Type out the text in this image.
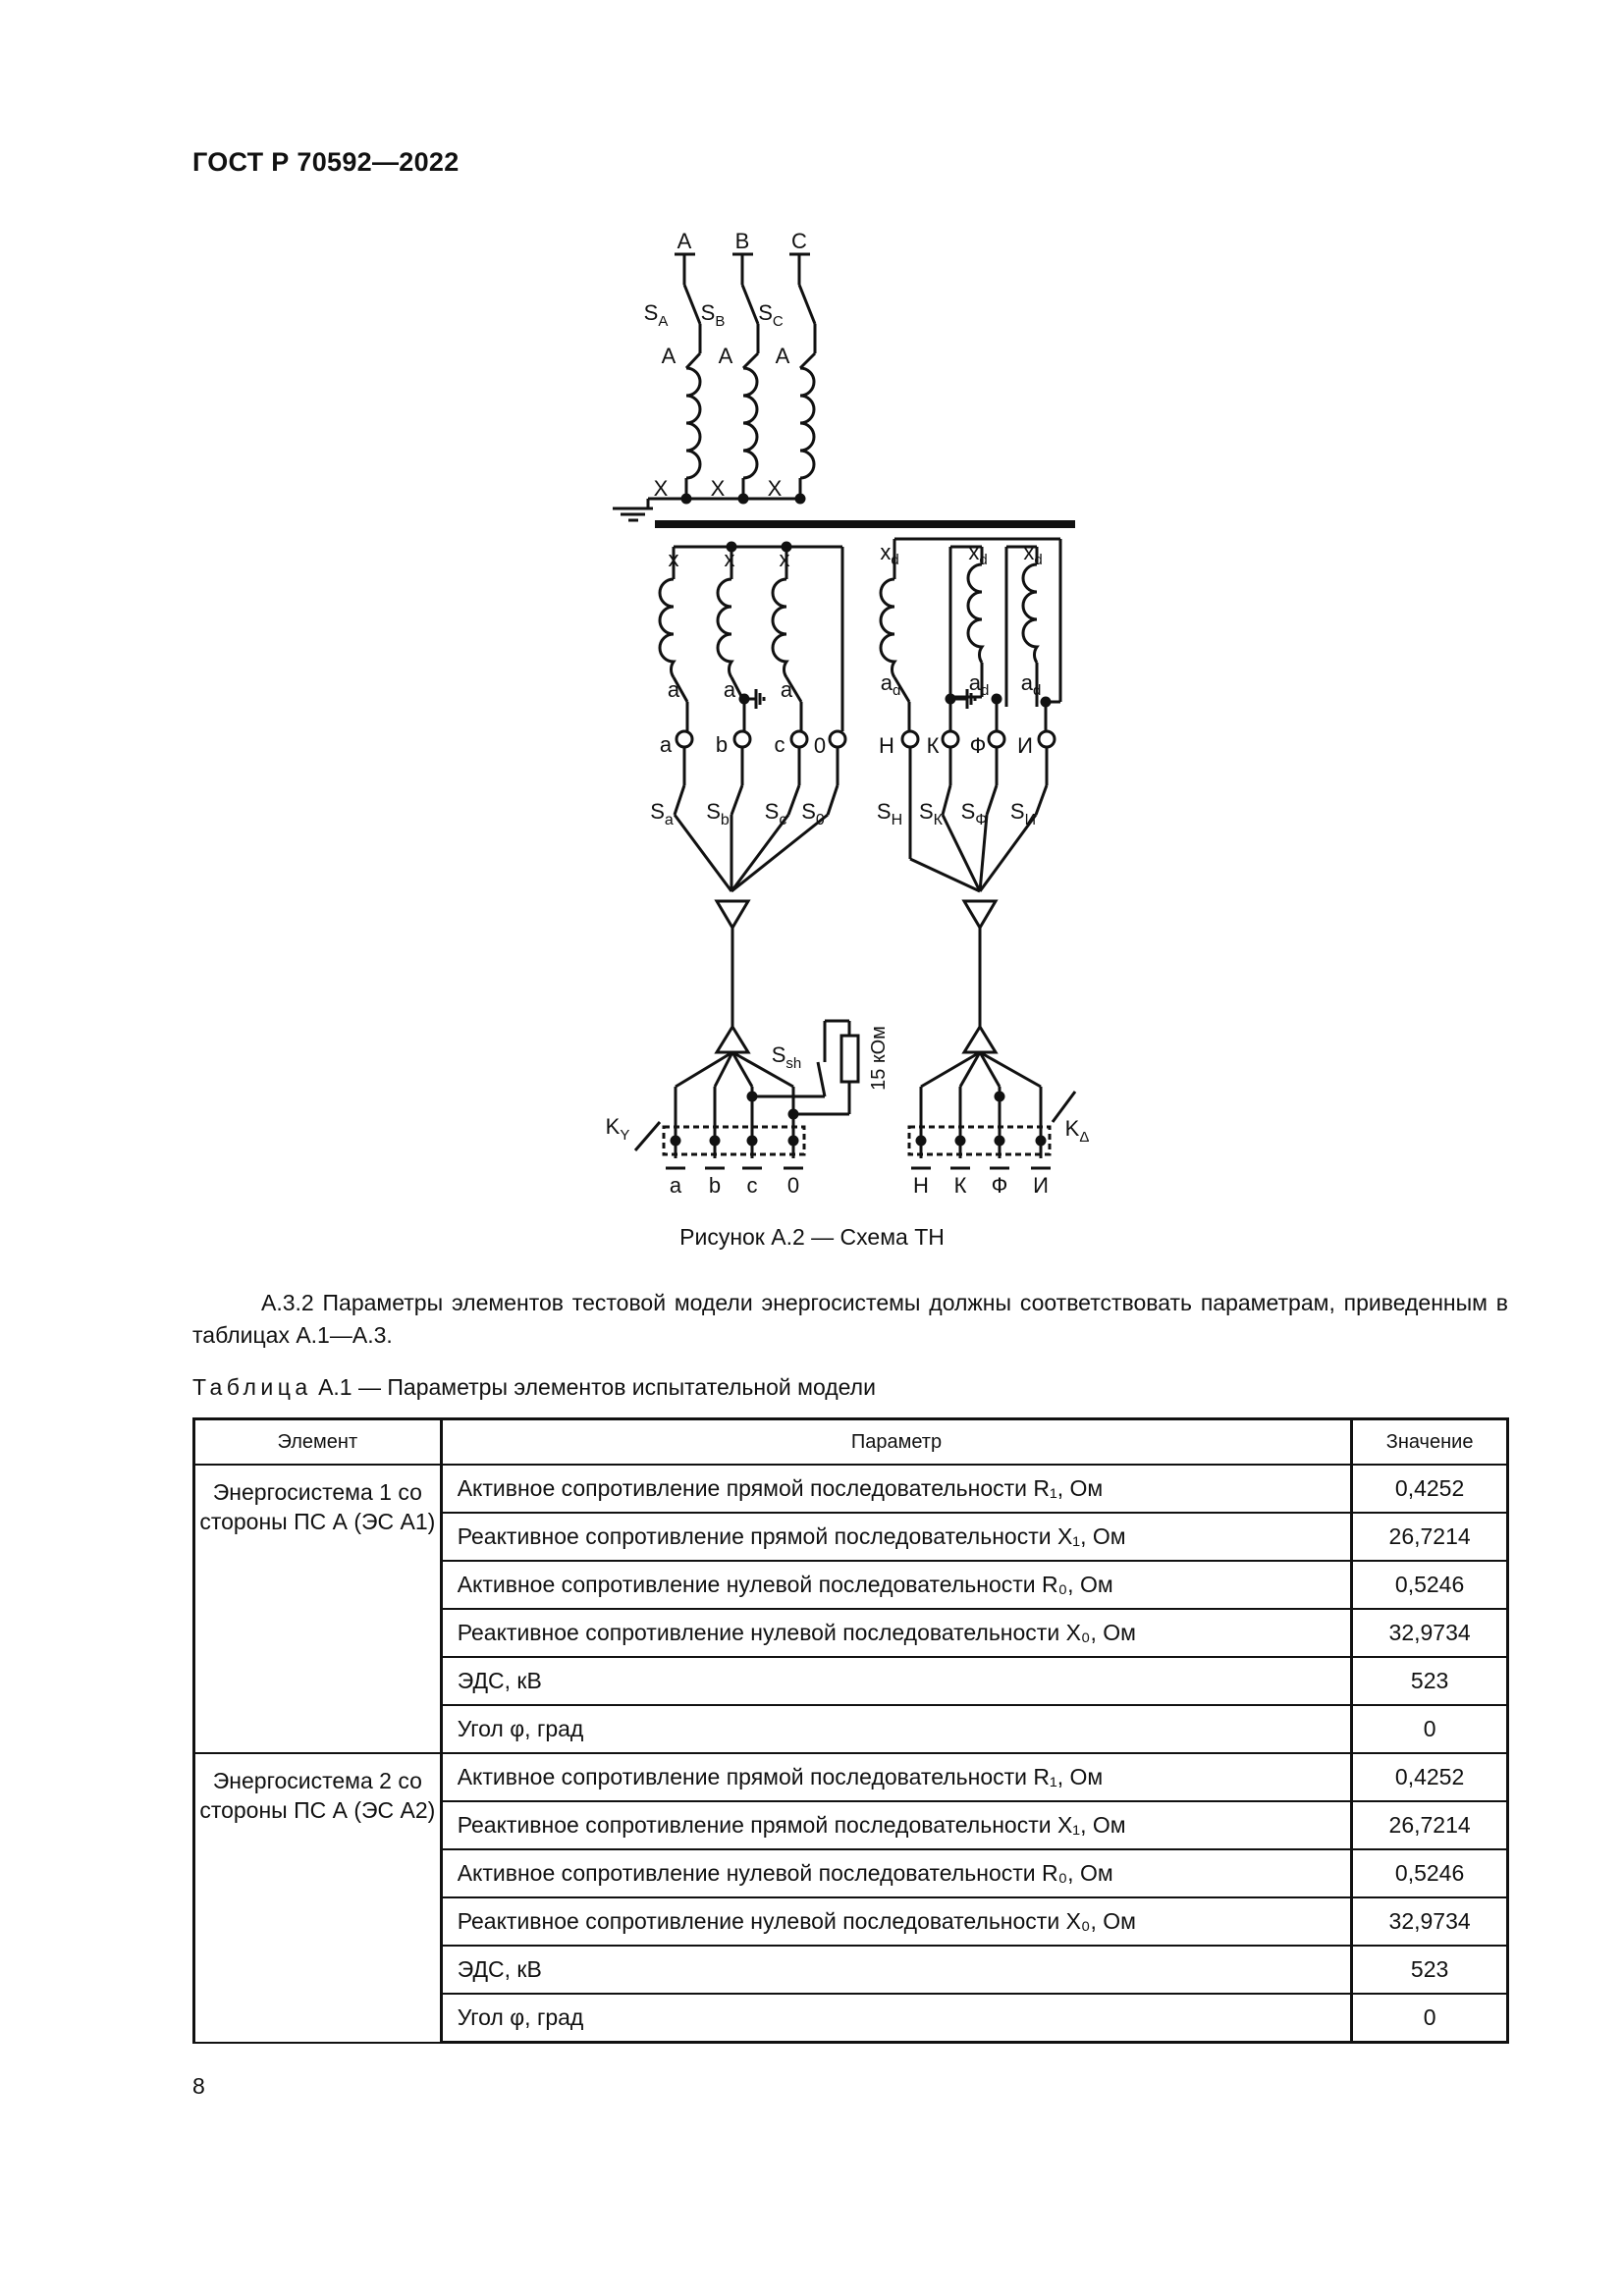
ГОСТ Р 70592—2022
A B C
$S_A$ $S_B$ $S_C$
A A A
X X X
x x x
a a a
$x_d$	$x_d$ $x_d$
$a_d$	$a_d$ $a_d$
a b c 0 Н К Ф И
$S_a$ $S_b$ $S_c$ $S_0$ $S_Н$ $S_К$ $S_Ф$ $S_И$
$S_{sh}$	15 кОм
$K_Y$	$K_\Delta$
a b c 0	Н К Ф И
Рисунок А.2 — Схема ТН
А.3.2 Параметры элементов тестовой модели энергосистемы должны соответствовать параметрам, приведенным в таблицах А.1—А.3.
Таблица А.1 — Параметры элементов испытательной модели
Элемент	Параметр	Значение
Энергосистема 1 со стороны ПС А (ЭС А1)	Активное сопротивление прямой последовательности R₁, Ом	0,4252
	Реактивное сопротивление прямой последовательности X₁, Ом	26,7214
	Активное сопротивление нулевой последовательности R₀, Ом	0,5246
	Реактивное сопротивление нулевой последовательности X₀, Ом	32,9734
	ЭДС, кВ	523
	Угол φ, град	0
Энергосистема 2 со стороны ПС А (ЭС А2)	Активное сопротивление прямой последовательности R₁, Ом	0,4252
	Реактивное сопротивление прямой последовательности X₁, Ом	26,7214
	Активное сопротивление нулевой последовательности R₀, Ом	0,5246
	Реактивное сопротивление нулевой последовательности X₀, Ом	32,9734
	ЭДС, кВ	523
	Угол φ, град	0
8
